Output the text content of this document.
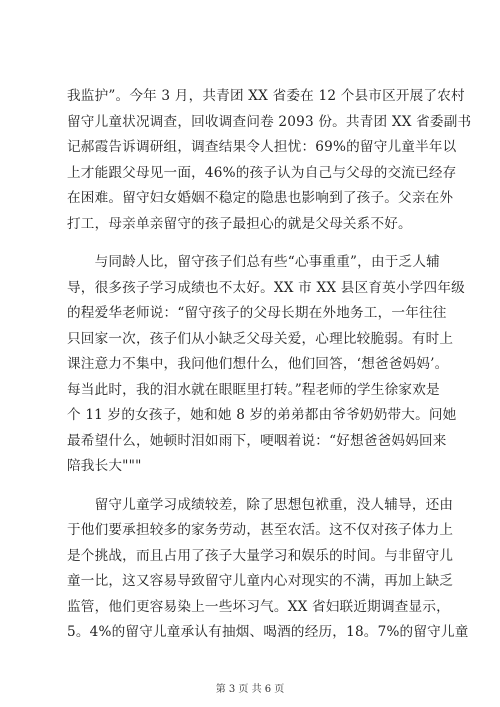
我监护”。今年 3 月，共青团 XX 省委在 12 个县市区开展了农村
留守儿童状况调查，回收调查问卷 2093 份。共青团 XX 省委副书
记郝霞告诉调研组，调查结果令人担忧：69%的留守儿童半年以
上才能跟父母见一面，46%的孩子认为自己与父母的交流已经存
在困难。留守妇女婚姻不稳定的隐患也影响到了孩子。父亲在外
打工，母亲单亲留守的孩子最担心的就是父母关系不好。

　　与同龄人比，留守孩子们总有些“心事重重”，由于乏人辅
导，很多孩子学习成绩也不太好。XX 市 XX 县区育英小学四年级
的程爱华老师说：“留守孩子的父母长期在外地务工，一年往往
只回家一次，孩子们从小缺乏父母关爱，心理比较脆弱。有时上
课注意力不集中，我问他们想什么，他们回答，‘想爸爸妈妈’。
每当此时，我的泪水就在眼眶里打转。”程老师的学生徐家欢是
个 11 岁的女孩子，她和她 8 岁的弟弟都由爷爷奶奶带大。问她
最希望什么，她顿时泪如雨下，哽咽着说：“好想爸爸妈妈回来
陪我长大"""

　　留守儿童学习成绩较差，除了思想包袱重，没人辅导，还由
于他们要承担较多的家务劳动，甚至农活。这不仅对孩子体力上
是个挑战，而且占用了孩子大量学习和娱乐的时间。与非留守儿
童一比，这又容易导致留守儿童内心对现实的不满，再加上缺乏
监管，他们更容易染上一些坏习气。XX 省妇联近期调查显示，
5。4%的留守儿童承认有抽烟、喝酒的经历，18。7%的留守儿童

第 3 页 共 6 页
